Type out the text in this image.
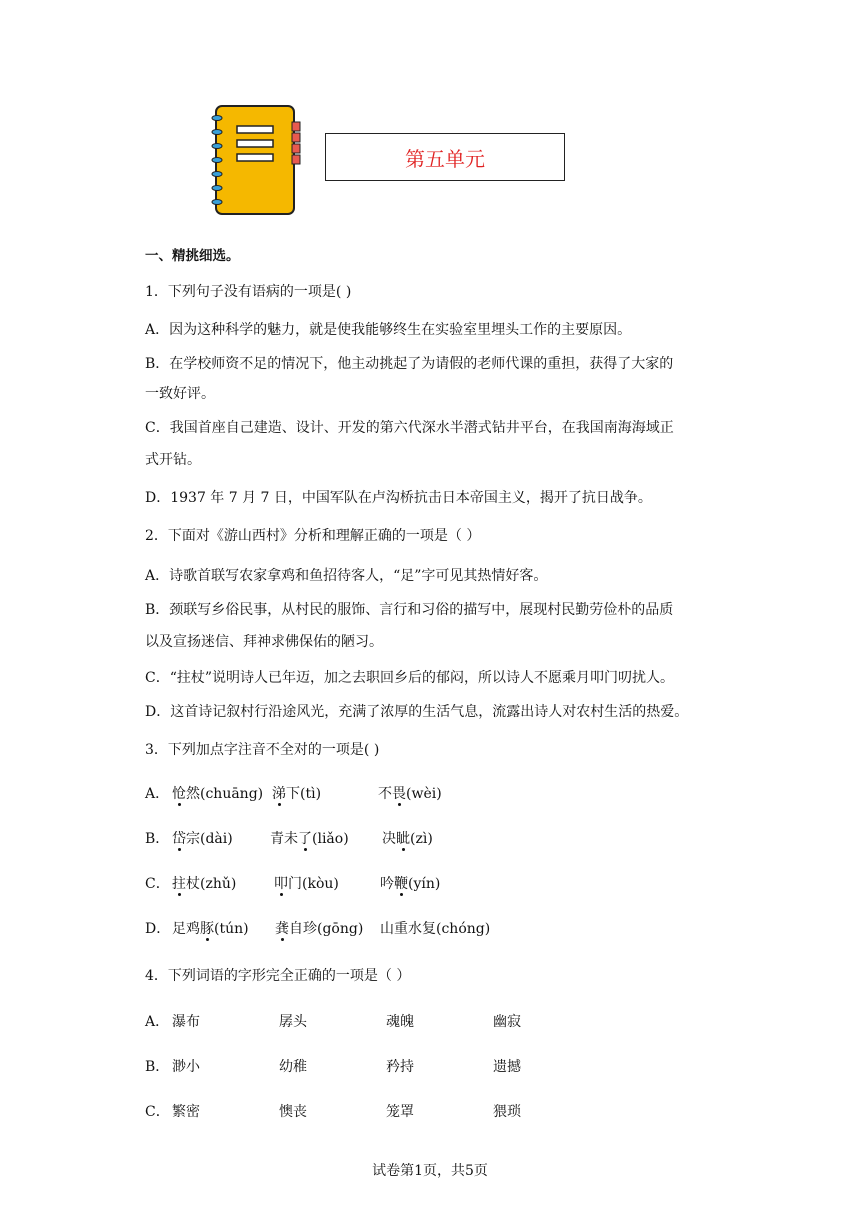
第五单元
一、精挑细选。
1．下列句子没有语病的一项是( )
A．因为这种科学的魅力，就是使我能够终生在实验室里埋头工作的主要原因。
B．在学校师资不足的情况下，他主动挑起了为请假的老师代课的重担，获得了大家的
一致好评。
C．我国首座自己建造、设计、开发的第六代深水半潜式钻井平台，在我国南海海域正
式开钻。
D．1937 年 7 月 7 日，中国军队在卢沟桥抗击日本帝国主义，揭开了抗日战争。
2．下面对《游山西村》分析和理解正确的一项是（ ）
A．诗歌首联写农家拿鸡和鱼招待客人，“足”字可见其热情好客。
B．颈联写乡俗民事，从村民的服饰、言行和习俗的描写中，展现村民勤劳俭朴的品质
以及宣扬迷信、拜神求佛保佑的陋习。
C．“拄杖”说明诗人已年迈，加之去职回乡后的郁闷，所以诗人不愿乘月叩门叨扰人。
D．这首诗记叙村行沿途风光，充满了浓厚的生活气息，流露出诗人对农村生活的热爱。
3．下列加点字注音不全对的一项是( )
A． 怆然(chuāng) 涕下(tì)	不畏(wèi)
B． 岱宗(dài)	青未了(liǎo)	决眦(zì)
C． 拄杖(zhǔ)	叩门(kòu)	吟鞭(yín)
D． 足鸡豚(tún)	龚自珍(gōng)	山重水复(chóng)
4．下列词语的字形完全正确的一项是（ ）
A． 瀑布	孱头	魂魄	幽寂
B． 渺小	幼稚	矜持	遗撼
C． 繁密	懊丧	笼罩	猥琐
试卷第1页，共5页
